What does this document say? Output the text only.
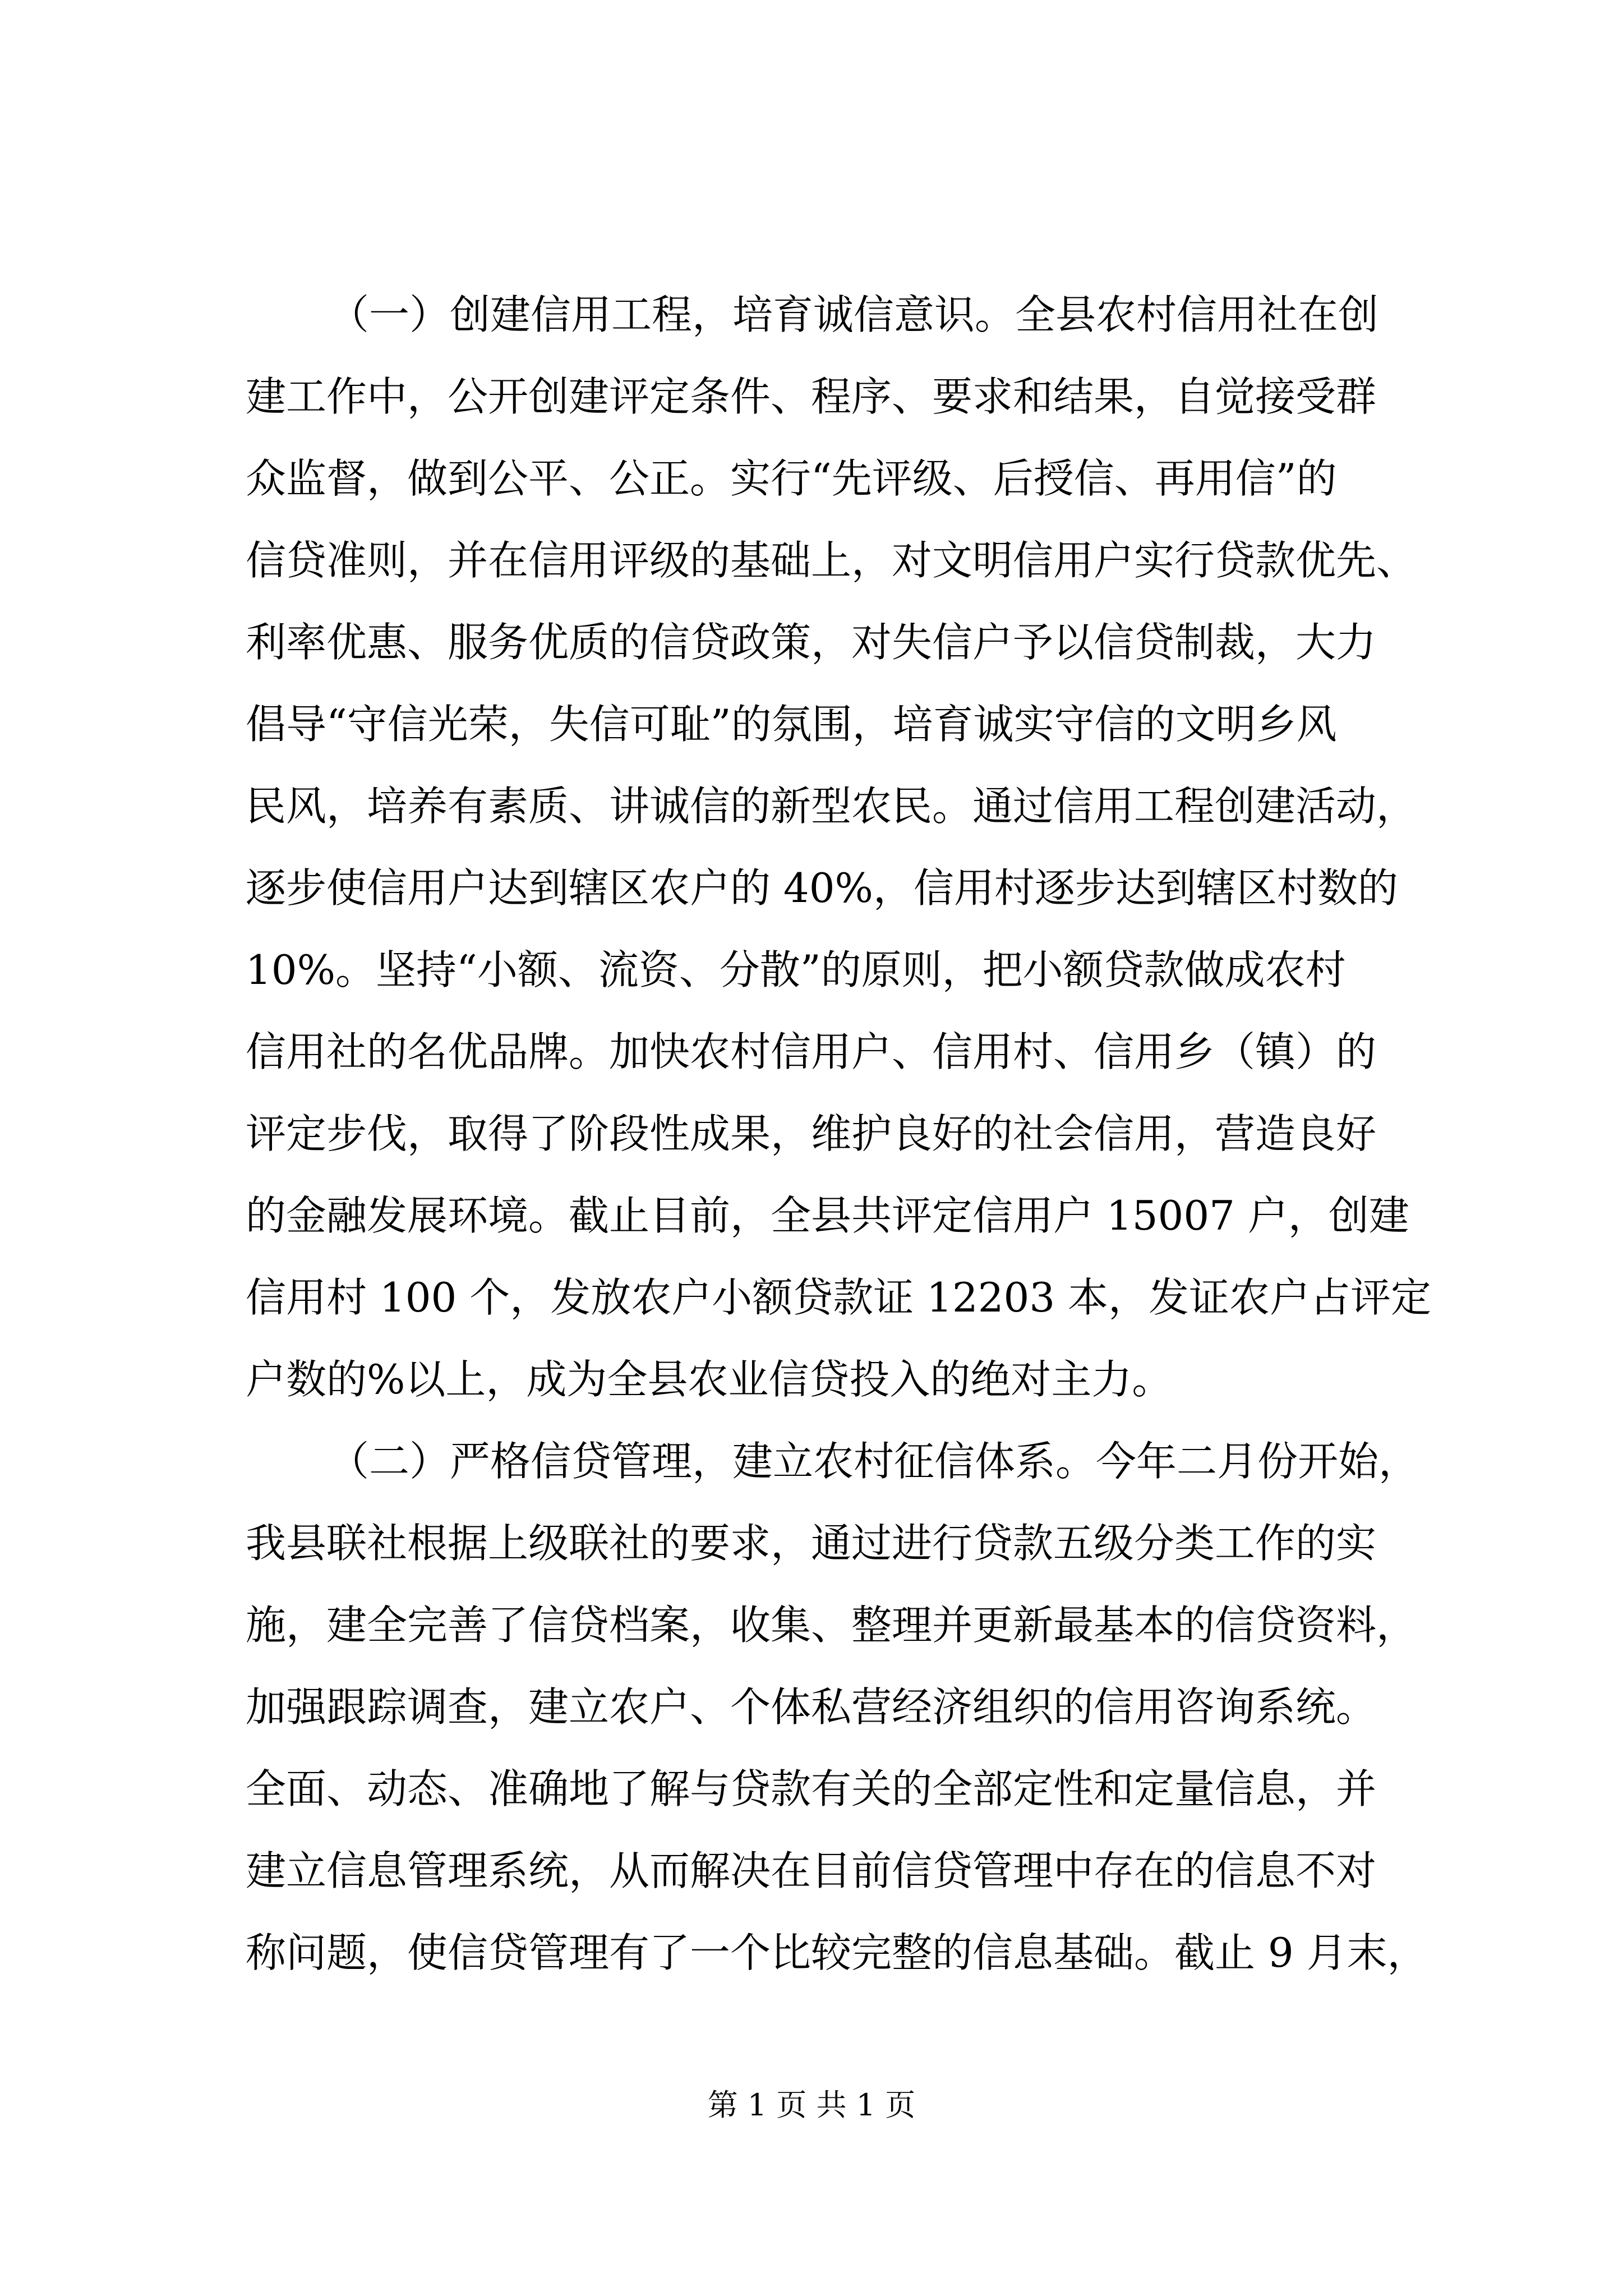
（一）创建信用工程，培育诚信意识。全县农村信用社在创
建工作中，公开创建评定条件、程序、要求和结果，自觉接受群
众监督，做到公平、公正。实行“先评级、后授信、再用信”的
信贷准则，并在信用评级的基础上，对文明信用户实行贷款优先、
利率优惠、服务优质的信贷政策，对失信户予以信贷制裁，大力
倡导“守信光荣，失信可耻”的氛围，培育诚实守信的文明乡风
民风，培养有素质、讲诚信的新型农民。通过信用工程创建活动，
逐步使信用户达到辖区农户的 40%，信用村逐步达到辖区村数的
10%。坚持“小额、流资、分散”的原则，把小额贷款做成农村
信用社的名优品牌。加快农村信用户、信用村、信用乡（镇）的
评定步伐，取得了阶段性成果，维护良好的社会信用，营造良好
的金融发展环境。截止目前，全县共评定信用户 15007 户，创建
信用村 100 个，发放农户小额贷款证 12203 本，发证农户占评定
户数的%以上，成为全县农业信贷投入的绝对主力。
（二）严格信贷管理，建立农村征信体系。今年二月份开始，
我县联社根据上级联社的要求，通过进行贷款五级分类工作的实
施，建全完善了信贷档案，收集、整理并更新最基本的信贷资料，
加强跟踪调查，建立农户、个体私营经济组织的信用咨询系统。
全面、动态、准确地了解与贷款有关的全部定性和定量信息，并
建立信息管理系统，从而解决在目前信贷管理中存在的信息不对
称问题，使信贷管理有了一个比较完整的信息基础。截止 9 月末，
第 1 页 共 1 页
